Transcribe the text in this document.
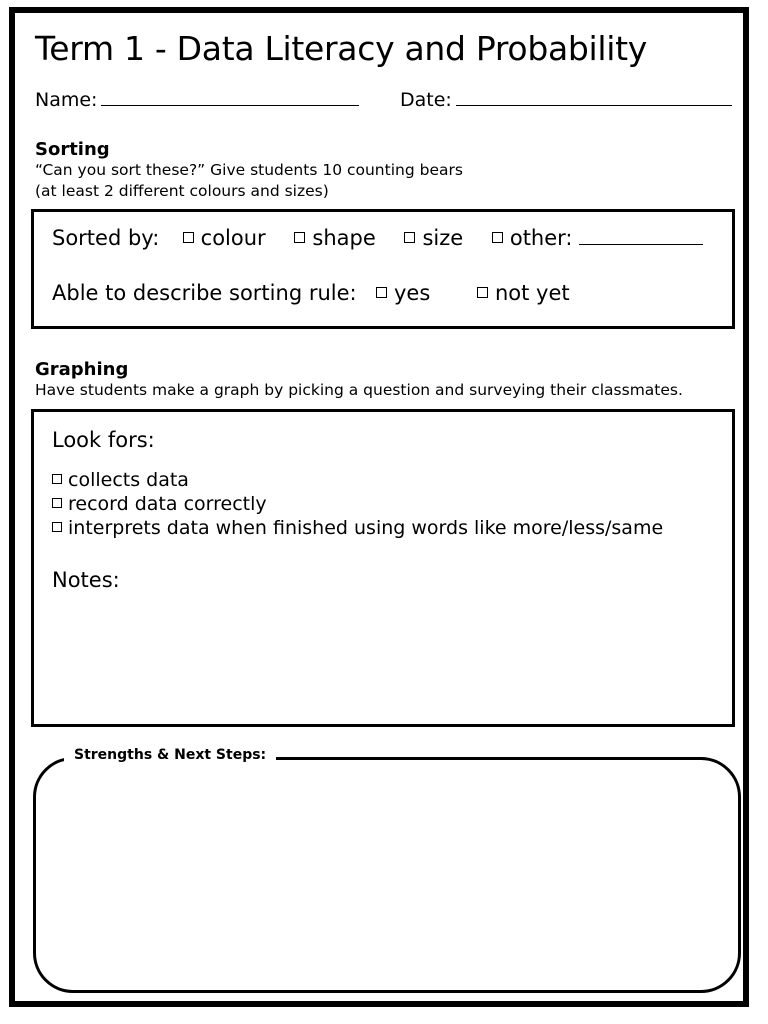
Term 1 - Data Literacy and Probability
Name:	Date:
Sorting
“Can you sort these?” Give students 10 counting bears
(at least 2 different colours and sizes)
Sorted by: colour shape size other:
Able to describe sorting rule: yes	not yet
Graphing
Have students make a graph by picking a question and surveying their classmates.
Look fors:
collects data
record data correctly
interprets data when finished using words like more/less/same
Notes:
Strengths & Next Steps:
